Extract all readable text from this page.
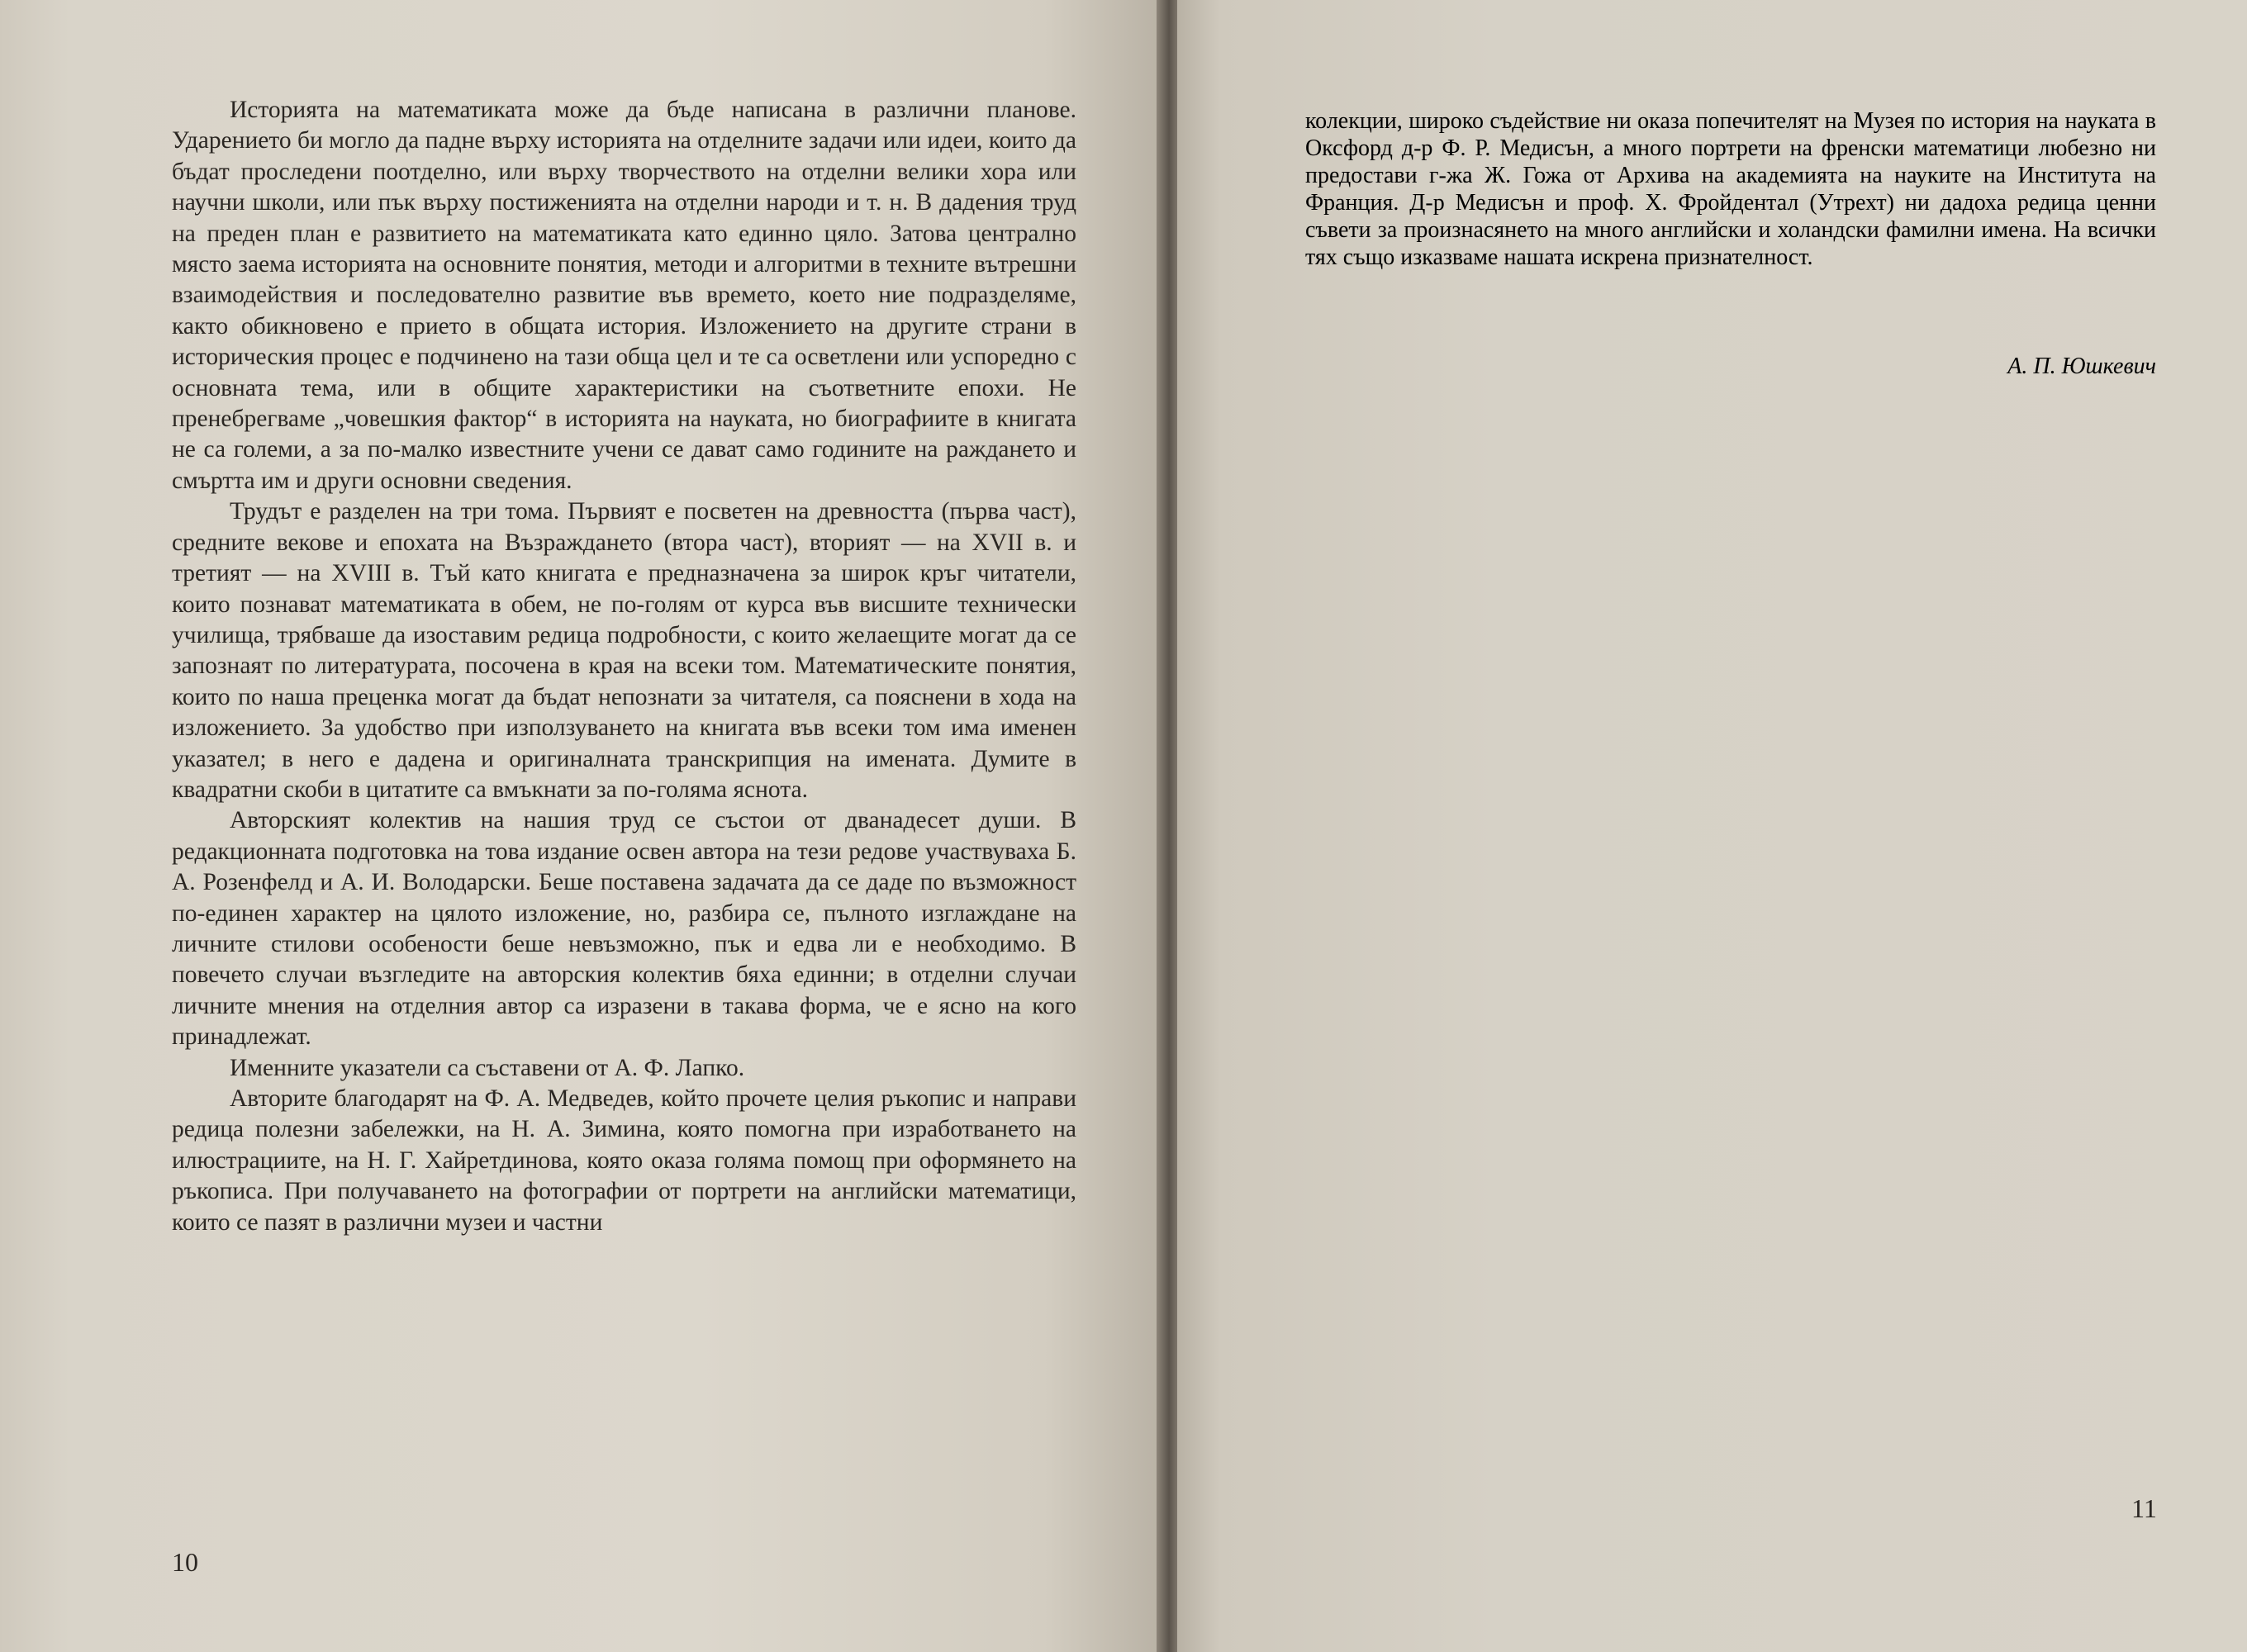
Историята на математиката може да бъде написана в различни планове. Ударението би могло да падне върху историята на отделните задачи или идеи, които да бъдат проследени поотделно, или върху творчеството на отделни велики хора или научни школи, или пък върху постиженията на отделни народи и т. н. В дадения труд на преден план е развитието на математиката като единно цяло. Затова централно място заема историята на основните понятия, методи и алгоритми в техните вътрешни взаимодействия и последователно развитие във времето, което ние подразделяме, както обикновено е прието в общата история. Изложението на другите страни в историческия процес е подчинено на тази обща цел и те са осветлени или успоредно с основната тема, или в общите характеристики на съответните епохи. Не пренебрегваме „човешкия фактор“ в историята на науката, но биографиите в книгата не са големи, а за по-малко известните учени се дават само годините на раждането и смъртта им и други основни сведения.

Трудът е разделен на три тома. Първият е посветен на древността (първа част), средните векове и епохата на Възраждането (втора част), вторият — на XVII в. и третият — на XVIII в. Тъй като книгата е предназначена за широк кръг читатели, които познават математиката в обем, не по-голям от курса във висшите технически училища, трябваше да изоставим редица подробности, с които желаещите могат да се запознаят по литературата, посочена в края на всеки том. Математическите понятия, които по наша преценка могат да бъдат непознати за читателя, са пояснени в хода на изложението. За удобство при използуването на книгата във всеки том има именен указател; в него е дадена и оригиналната транскрипция на имената. Думите в квадратни скоби в цитатите са вмъкнати за по-голяма яснота.

Авторският колектив на нашия труд се състои от дванадесет души. В редакционната подготовка на това издание освен автора на тези редове участвуваха Б. А. Розенфелд и А. И. Володарски. Беше поставена задачата да се даде по възможност по-единен характер на цялото изложение, но, разбира се, пълното изглаждане на личните стилови особености беше невъзможно, пък и едва ли е необходимо. В повечето случаи възгледите на авторския колектив бяха единни; в отделни случаи личните мнения на отделния автор са изразени в такава форма, че е ясно на кого принадлежат.

Именните указатели са съставени от А. Ф. Лапко.

Авторите благодарят на Ф. А. Медведев, който прочете целия ръкопис и направи редица полезни забележки, на Н. А. Зимина, която помогна при изработването на илюстрациите, на Н. Г. Хайретдинова, която оказа голяма помощ при оформянето на ръкописа. При получаването на фотографии от портрети на английски математици, които се пазят в различни музеи и частни

10

колекции, широко съдействие ни оказа попечителят на Музея по история на науката в Оксфорд д-р Ф. Р. Медисън, а много портрети на френски математици любезно ни предостави г-жа Ж. Гожа от Архива на академията на науките на Института на Франция. Д-р Медисън и проф. Х. Фройдентал (Утрехт) ни дадоха редица ценни съвети за произнасянето на много английски и холандски фамилни имена. На всички тях също изказваме нашата искрена признателност.

А. П. Юшкевич
11
